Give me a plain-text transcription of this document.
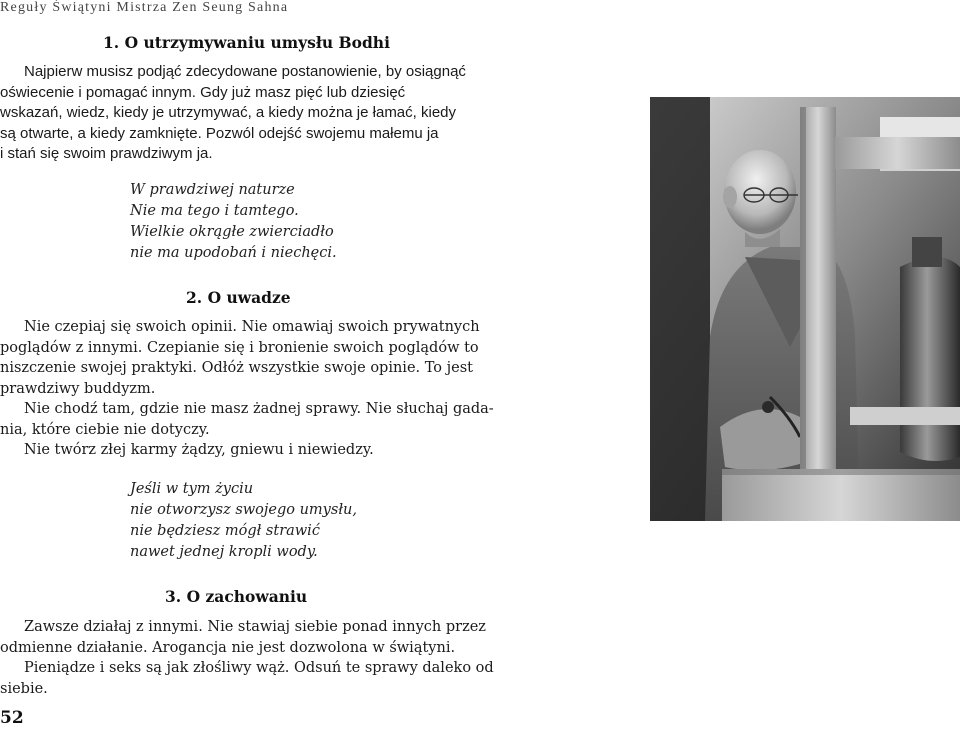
Reguły Świątyni Mistrza Zen Seung Sahna
1. O utrzymywaniu umysłu Bodhi
Najpierw musisz podjąć zdecydowane postanowienie, by osiągnąć
oświecenie i pomagać innym. Gdy już masz pięć lub dziesięć
wskazań, wiedz, kiedy je utrzymywać, a kiedy można je łamać, kiedy
są otwarte, a kiedy zamknięte. Pozwól odejść swojemu małemu ja
i stań się swoim prawdziwym ja.
W prawdziwej naturze
Nie ma tego i tamtego.
Wielkie okrągłe zwierciadło
nie ma upodobań i niechęci.
2. O uwadze
Nie czepiaj się swoich opinii. Nie omawiaj swoich prywatnych
poglądów z innymi. Czepianie się i bronienie swoich poglądów to
niszczenie swojej praktyki. Odłóż wszystkie swoje opinie. To jest
prawdziwy buddyzm.
Nie chodź tam, gdzie nie masz żadnej sprawy. Nie słuchaj gada-
nia, które ciebie nie dotyczy.
Nie twórz złej karmy żądzy, gniewu i niewiedzy.
Jeśli w tym życiu
nie otworzysz swojego umysłu,
nie będziesz mógł strawić
nawet jednej kropli wody.
3. O zachowaniu
Zawsze działaj z innymi. Nie stawiaj siebie ponad innych przez
odmienne działanie. Arogancja nie jest dozwolona w świątyni.
Pieniądze i seks są jak złośliwy wąż. Odsuń te sprawy daleko od
siebie.
52
